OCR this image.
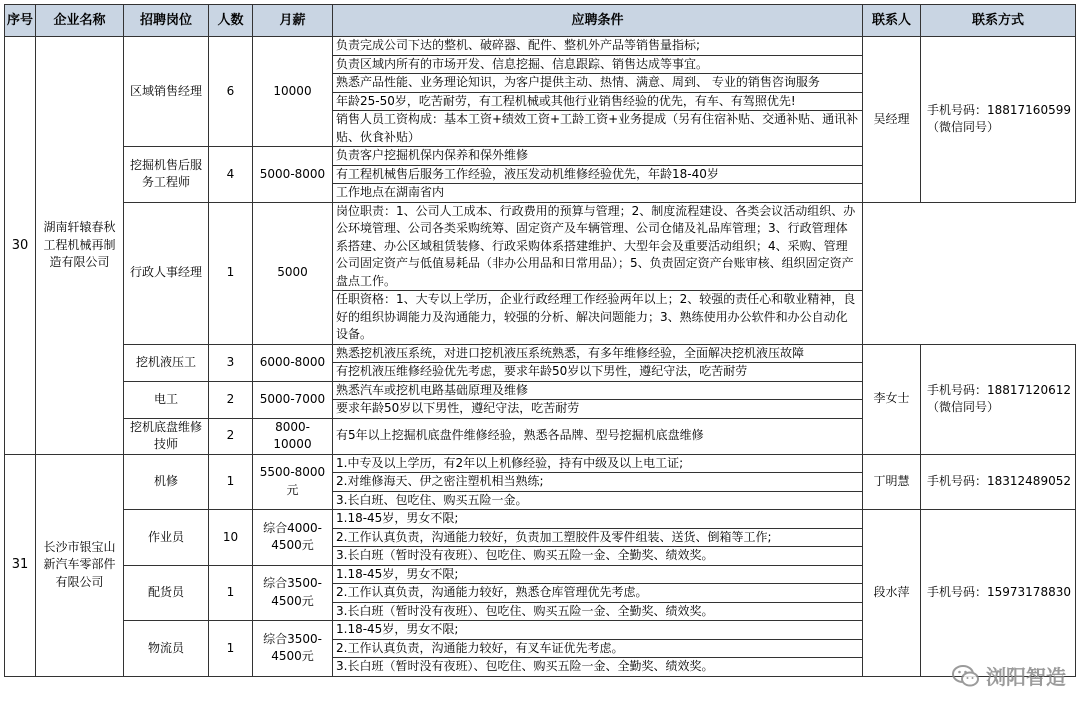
序号	企业名称	招聘岗位	人数	月薪	应聘条件	联系人	联系方式
30	湖南轩辕春秋工程机械再制造有限公司	区域销售经理	6	10000	负责完成公司下达的整机、破碎器、配件、整机外产品等销售量指标;	吴经理	手机号码：18817160599（微信同号）
					负责区域内所有的市场开发、信息挖掘、信息跟踪、销售达成等事宜。		
					熟悉产品性能、业务理论知识，为客户提供主动、热情、满意、周到、 专业的销售咨询服务		
					年龄25-50岁，吃苦耐劳，有工程机械或其他行业销售经验的优先，有车、有驾照优先!		
					销售人员工资构成：基本工资+绩效工资+工龄工资+业务提成（另有住宿补贴、交通补贴、通讯补贴、伙食补贴）		
		挖掘机售后服务工程师	4	5000-8000	负责客户挖掘机保内保养和保外维修		
					有工程机械售后服务工作经验，液压发动机维修经验优先，年龄18-40岁		
					工作地点在湖南省内		
		行政人事经理	1	5000	岗位职责：1、公司人工成本、行政费用的预算与管理；2、制度流程建设、各类会议活动组织、办公环境管理、公司各类采购统筹、固定资产及车辆管理、公司仓储及礼品库管理；3、行政管理体系搭建、办公区域租赁装修、行政采购体系搭建维护、大型年会及重要活动组织；4、采购、管理公司固定资产与低值易耗品（非办公用品和日常用品）；5、负责固定资产台账审核、组织固定资产盘点工作。		
					任职资格：1、大专以上学历，企业行政经理工作经验两年以上；2、较强的责任心和敬业精神，良好的组织协调能力及沟通能力，较强的分析、解决问题能力；3、熟练使用办公软件和办公自动化设备。		
		挖机液压工	3	6000-8000	熟悉挖机液压系统，对进口挖机液压系统熟悉，有多年维修经验，全面解决挖机液压故障	李女士	手机号码：18817120612（微信同号）
					有挖机液压维修经验优先考虑，要求年龄50岁以下男性，遵纪守法，吃苦耐劳		
		电工	2	5000-7000	熟悉汽车或挖机电路基础原理及维修		
					要求年龄50岁以下男性，遵纪守法，吃苦耐劳		
		挖机底盘维修技师	2	8000-10000	有5年以上挖掘机底盘件维修经验，熟悉各品牌、型号挖掘机底盘维修		
31	长沙市银宝山新汽车零部件有限公司	机修	1	5500-8000元	1.中专及以上学历，有2年以上机修经验，持有中级及以上电工证;	丁明慧	手机号码：18312489052
					2.对维修海天、伊之密注塑机相当熟练;		
					3.长白班、包吃住、购买五险一金。		
		作业员	10	综合4000-4500元	1.18-45岁，男女不限;	段水萍	手机号码：15973178830
					2.工作认真负责，沟通能力较好，负责加工塑胶件及零件组装、送货、倒箱等工作;		
					3.长白班（暂时没有夜班）、包吃住、购买五险一金、全勤奖、绩效奖。		
		配货员	1	综合3500-4500元	1.18-45岁，男女不限;		
					2.工作认真负责，沟通能力较好，熟悉仓库管理优先考虑。		
					3.长白班（暂时没有夜班）、包吃住、购买五险一金、全勤奖、绩效奖。		
		物流员	1	综合3500-4500元	1.18-45岁，男女不限;		
					2.工作认真负责，沟通能力较好，有叉车证优先考虑。		
					3.长白班（暂时没有夜班）、包吃住、购买五险一金、全勤奖、绩效奖。			浏阳智造
